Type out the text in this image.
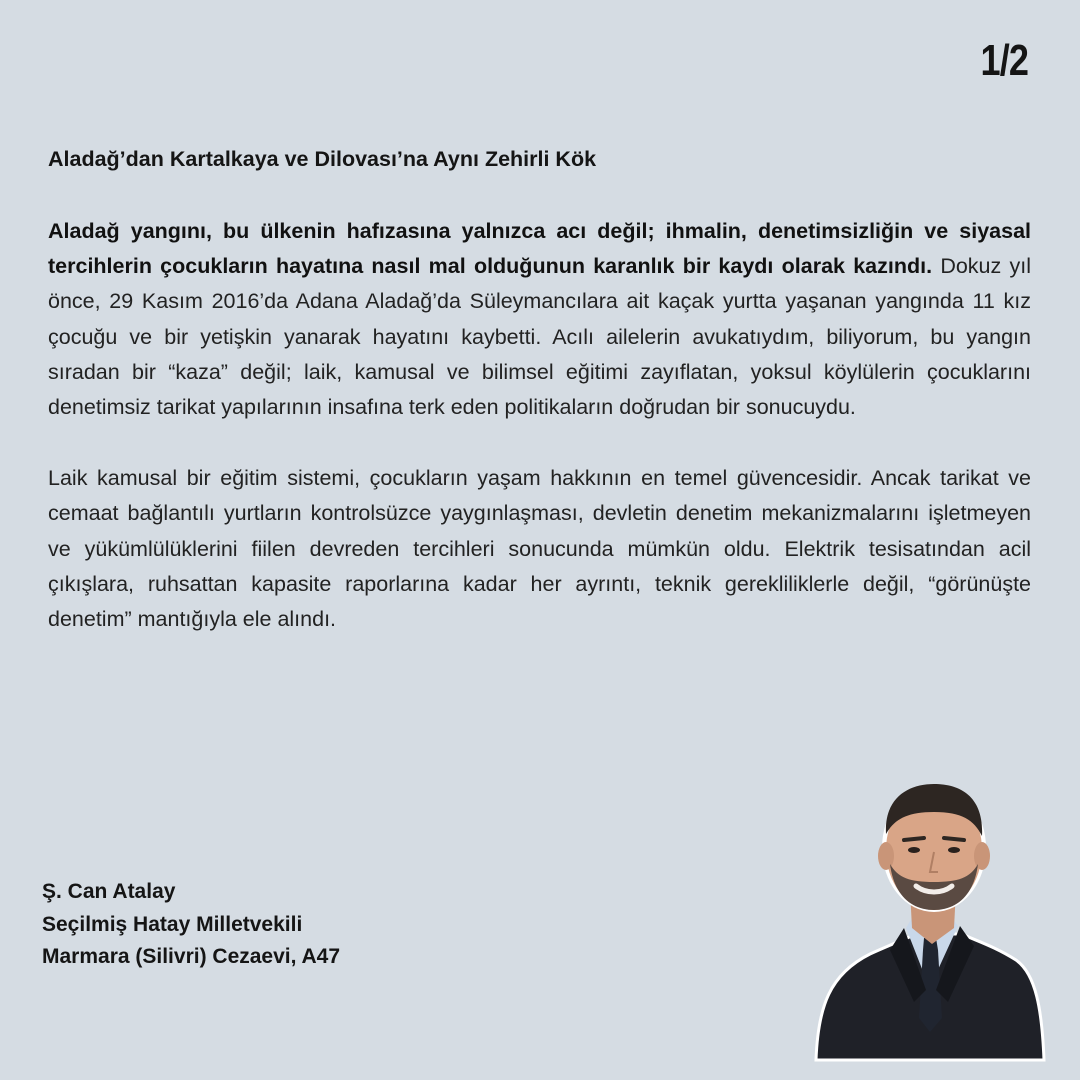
1/2
Aladağ’dan Kartalkaya ve Dilovası’na Aynı Zehirli Kök

Aladağ yangını, bu ülkenin hafızasına yalnızca acı değil; ihmalin, denetimsizliğin ve siyasal tercihlerin çocukların hayatına nasıl mal olduğunun karanlık bir kaydı olarak kazındı. Dokuz yıl önce, 29 Kasım 2016’da Adana Aladağ’da Süleymancılara ait kaçak yurtta yaşanan yangında 11 kız çocuğu ve bir yetişkin yanarak hayatını kaybetti. Acılı ailelerin avukatıydım, biliyorum, bu yangın sıradan bir “kaza” değil; laik, kamusal ve bilimsel eğitimi zayıflatan, yoksul köylülerin çocuklarını denetimsiz tarikat yapılarının insafına terk eden politikaların doğrudan bir sonucuydu.

Laik kamusal bir eğitim sistemi, çocukların yaşam hakkının en temel güvencesidir. Ancak tarikat ve cemaat bağlantılı yurtların kontrolsüzce yaygınlaşması, devletin denetim mekanizmalarını işletmeyen ve yükümlülüklerini fiilen devreden tercihleri sonucunda mümkün oldu. Elektrik tesisatından acil çıkışlara, ruhsattan kapasite raporlarına kadar her ayrıntı, teknik gerekliliklerle değil, “görünüşte denetim” mantığıyla ele alındı.

Ş. Can Atalay
Seçilmiş Hatay Milletvekili
Marmara (Silivri) Cezaevi, A47
